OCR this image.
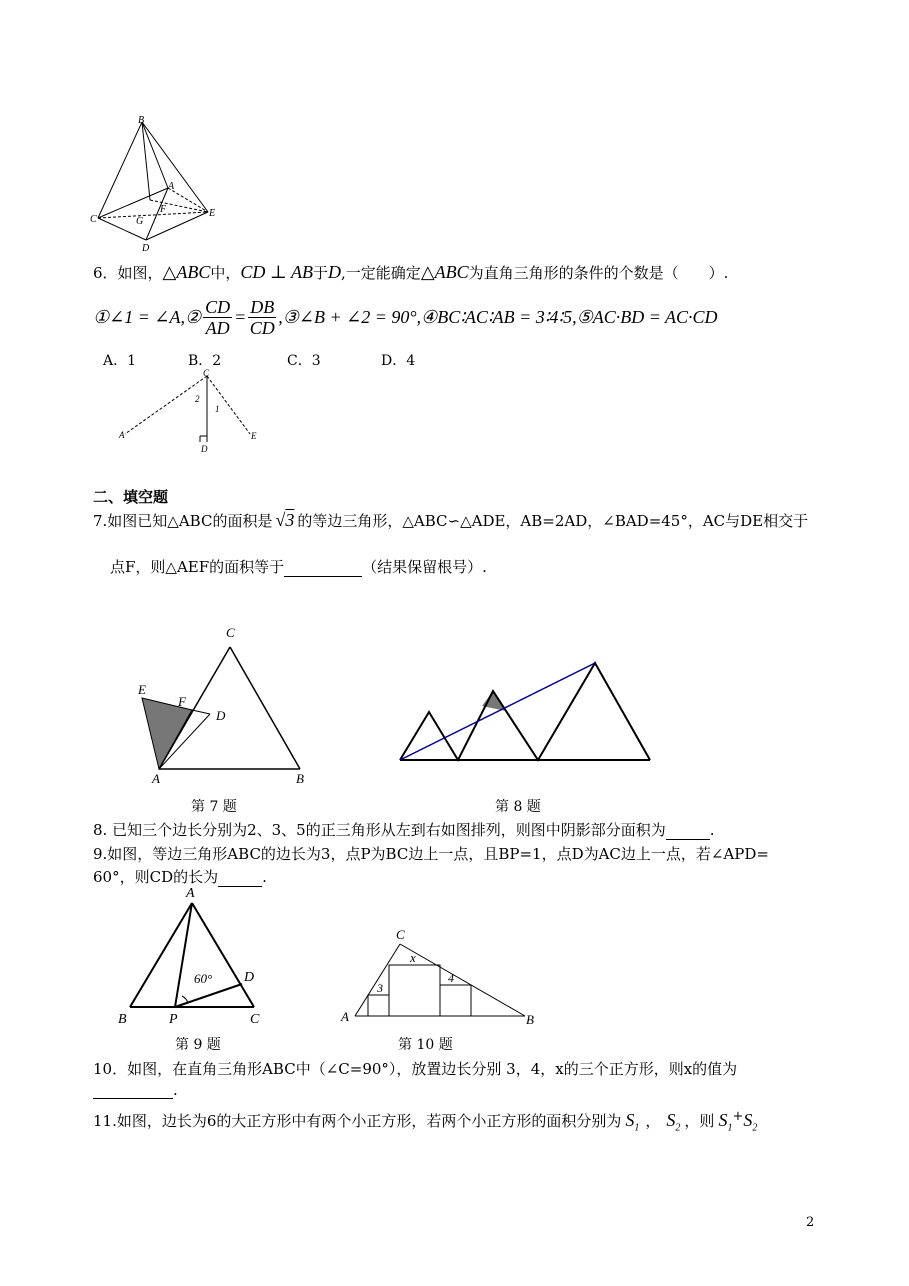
B
A
C	G
F	E
D
6．如图，△ABC中，CD ⊥ AB于D,一定能确定△ABC为直角三角形的条件的个数是（　　）.
①∠1 = ∠A,② $\frac{CD}{AD} = \frac{DB}{CD}$ ,③∠B + ∠2 = 90°,④ BC∶AC∶AB = 3∶4∶5,⑤ AC·BD = AC·CD
A．1	B．2	C．3	D．4
C
2
1
A
D
E
二、填空题
7.如图已知△ABC的面积是 √3 的等边三角形，△ABC∽△ADE，AB=2AD，∠BAD=45°，AC与DE相交于
点F，则△AEF的面积等于	（结果保留根号）.
C
E
F
D
A	B
第 7 题	第 8 题
8. 已知三个边长分别为2、3、5的正三角形从左到右如图排列，则图中阴影部分面积为	.
9.如图，等边三角形ABC的边长为3，点P为BC边上一点，且BP=1，点D为AC边上一点，若∠APD=
60°，则CD的长为	.
A
60° D
B	P	C
C
x
4
3
A	B
第 9 题	第 10 题
10．如图，在直角三角形ABC中（∠C=90°），放置边长分别 3，4，x的三个正方形，则x的值为
.
11.如图，边长为6的大正方形中有两个小正方形，若两个小正方形的面积分别为 $S_1$ ， $S_2$ ，则 $S_1$
+ $S_2$
2
